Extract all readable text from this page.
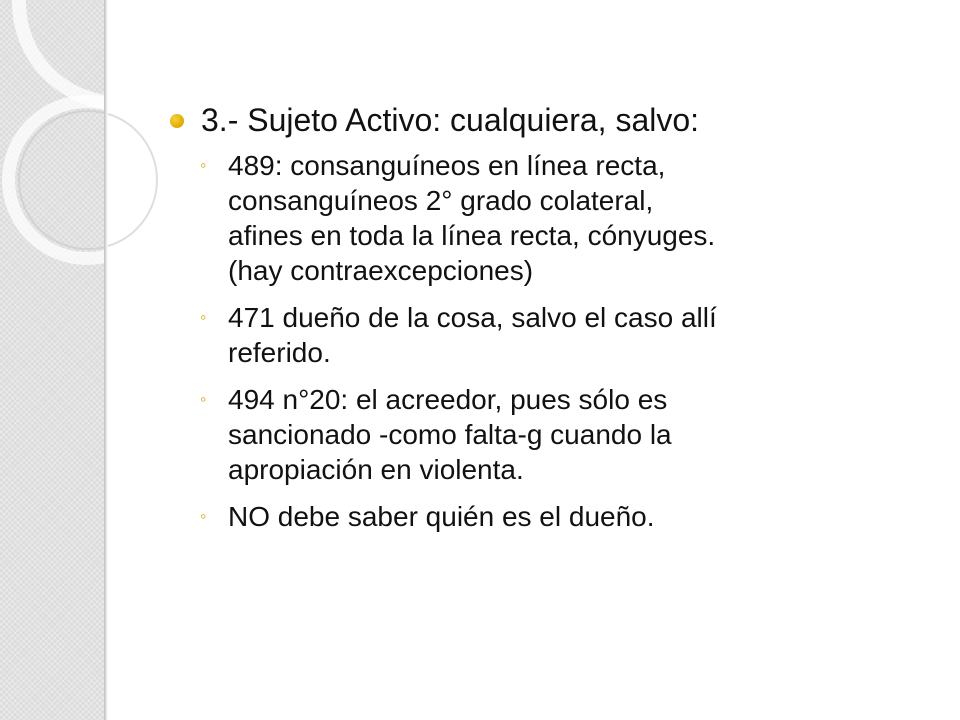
3.- Sujeto Activo: cualquiera, salvo:
◦ 489: consanguíneos en línea recta, consanguíneos 2° grado colateral, afines en toda la línea recta, cónyuges. (hay contraexcepciones)
◦ 471 dueño de la cosa, salvo el caso allí referido.
◦ 494 n°20: el acreedor, pues sólo es sancionado -como falta-g cuando la apropiación en violenta.
◦ NO debe saber quién es el dueño.
